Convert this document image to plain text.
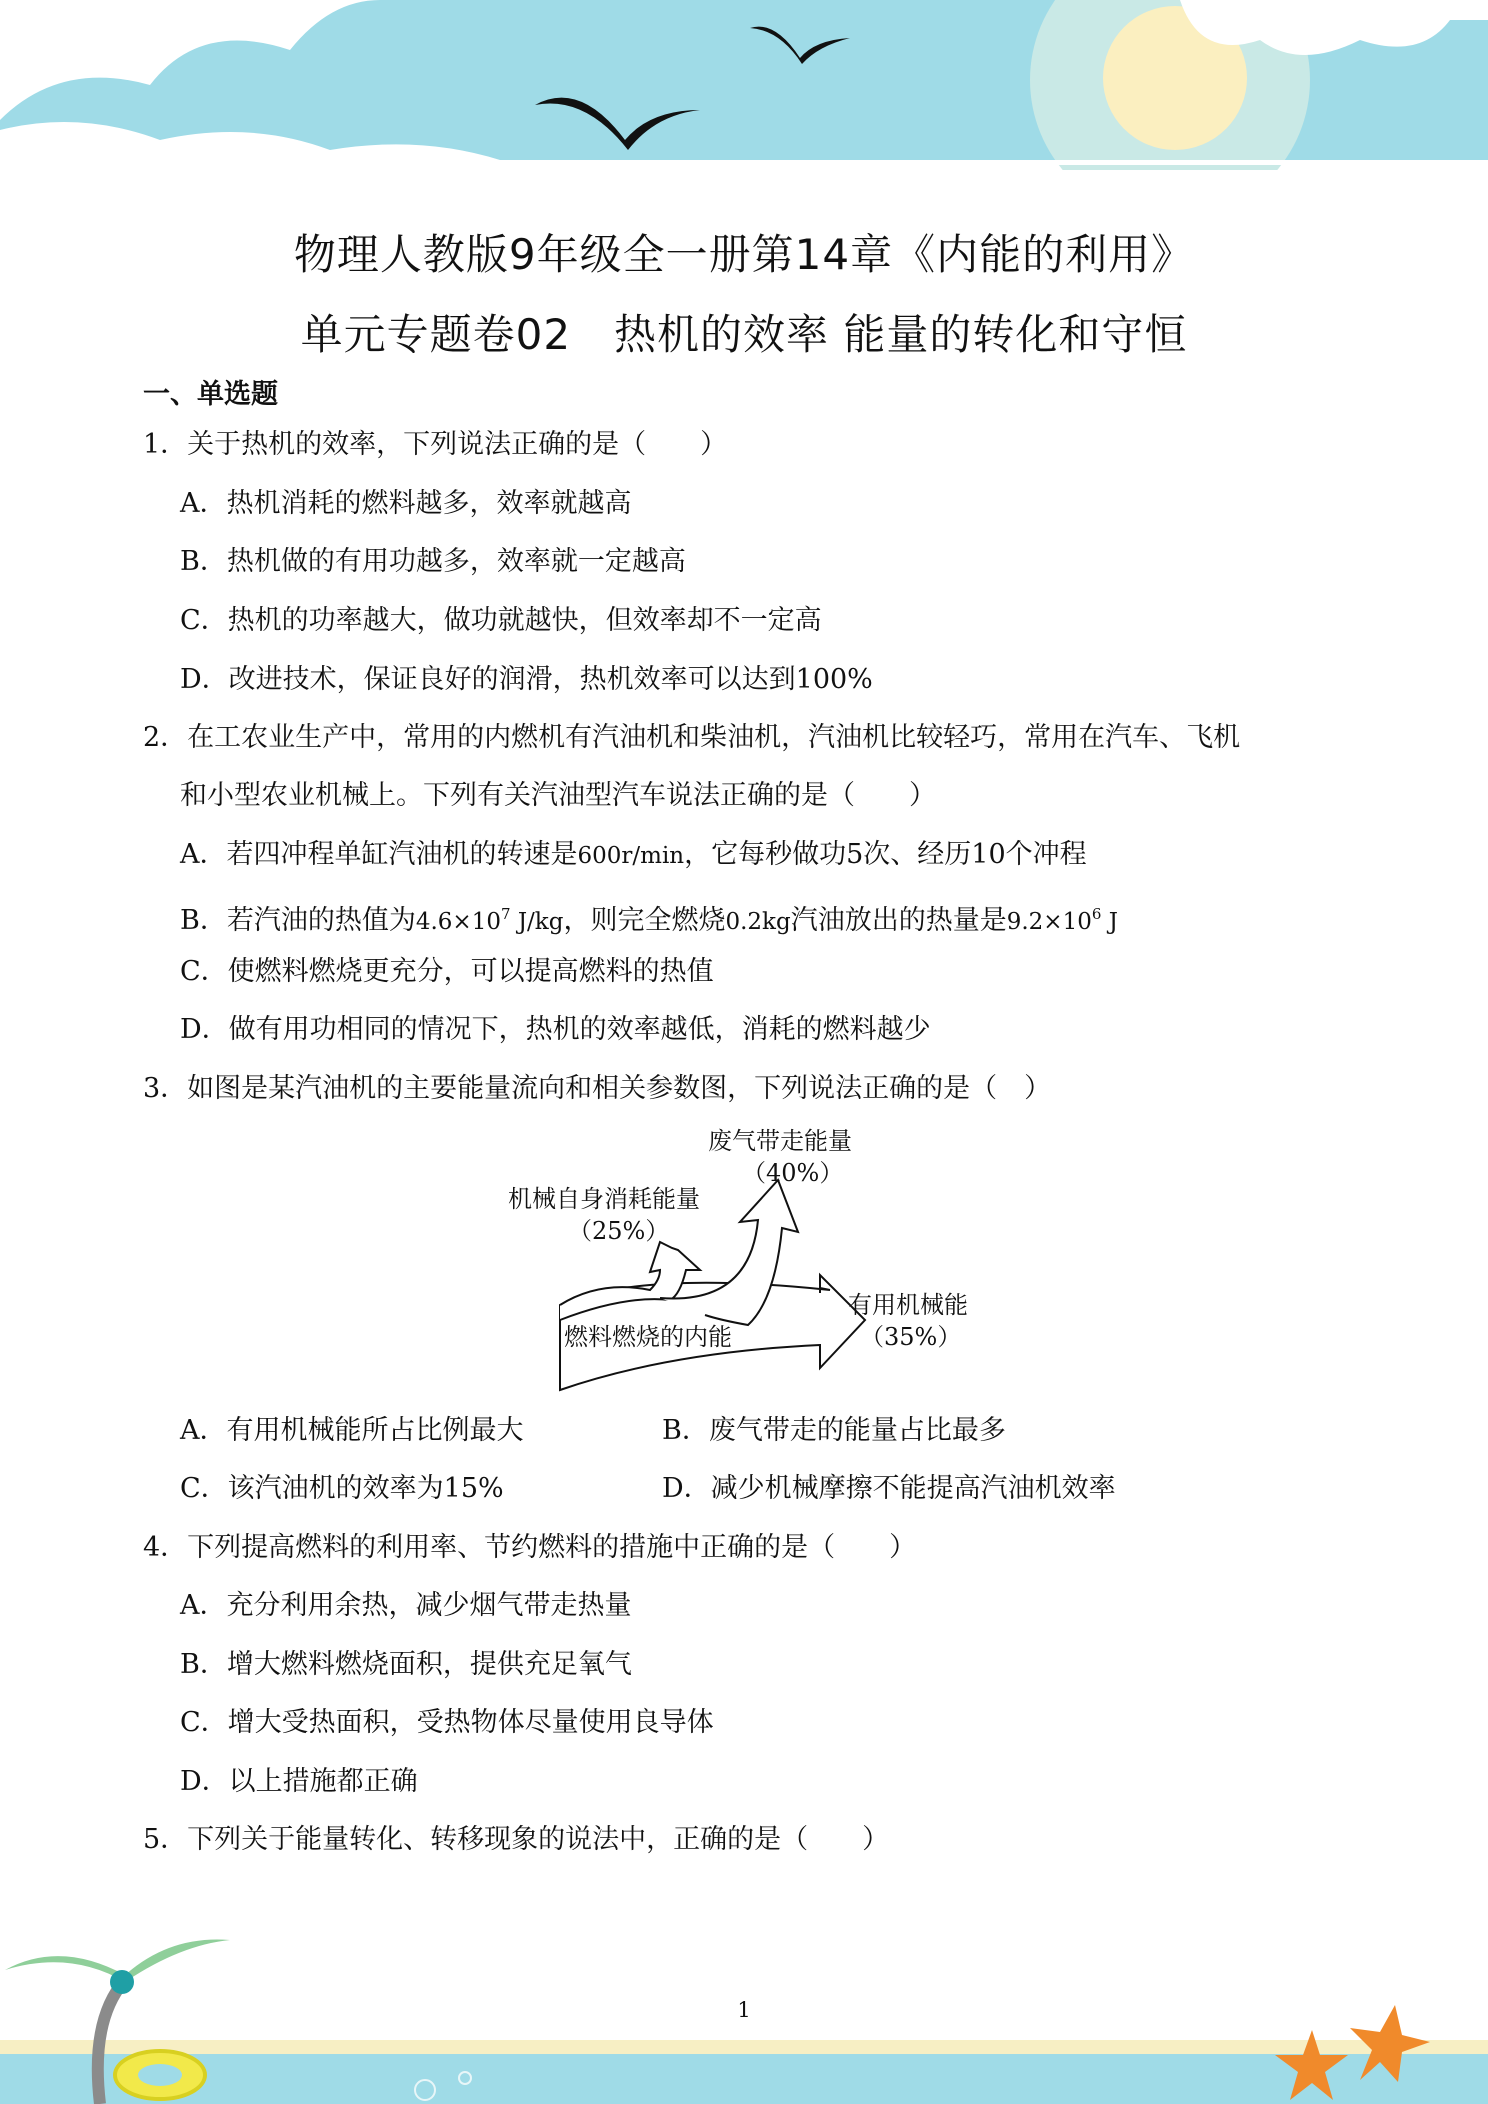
物理人教版9年级全一册第14章《内能的利用》
单元专题卷02　热机的效率 能量的转化和守恒
一、单选题
1．关于热机的效率，下列说法正确的是（　　）
A．热机消耗的燃料越多，效率就越高
B．热机做的有用功越多，效率就一定越高
C．热机的功率越大，做功就越快，但效率却不一定高
D．改进技术，保证良好的润滑，热机效率可以达到100%
2．在工农业生产中，常用的内燃机有汽油机和柴油机，汽油机比较轻巧，常用在汽车、飞机
和小型农业机械上。下列有关汽油型汽车说法正确的是（　　）
A．若四冲程单缸汽油机的转速是600r/min，它每秒做功5次、经历10个冲程
B．若汽油的热值为$4.6\times 10^7$ J/kg，则完全燃烧0.2kg汽油放出的热量是$9.2\times 10^6$ J
C．使燃料燃烧更充分，可以提高燃料的热值
D．做有用功相同的情况下，热机的效率越低，消耗的燃料越少
3．如图是某汽油机的主要能量流向和相关参数图，下列说法正确的是（　）
废气带走能量
（40%）
机械自身消耗能量
（25%）
有用机械能
（35%）
燃料燃烧的内能
A．有用机械能所占比例最大	B．废气带走的能量占比最多
C．该汽油机的效率为15%	D．减少机械摩擦不能提高汽油机效率
4．下列提高燃料的利用率、节约燃料的措施中正确的是（　　）
A．充分利用余热，减少烟气带走热量
B．增大燃料燃烧面积，提供充足氧气
C．增大受热面积，受热物体尽量使用良导体
D．以上措施都正确
5．下列关于能量转化、转移现象的说法中，正确的是（　　）
1
